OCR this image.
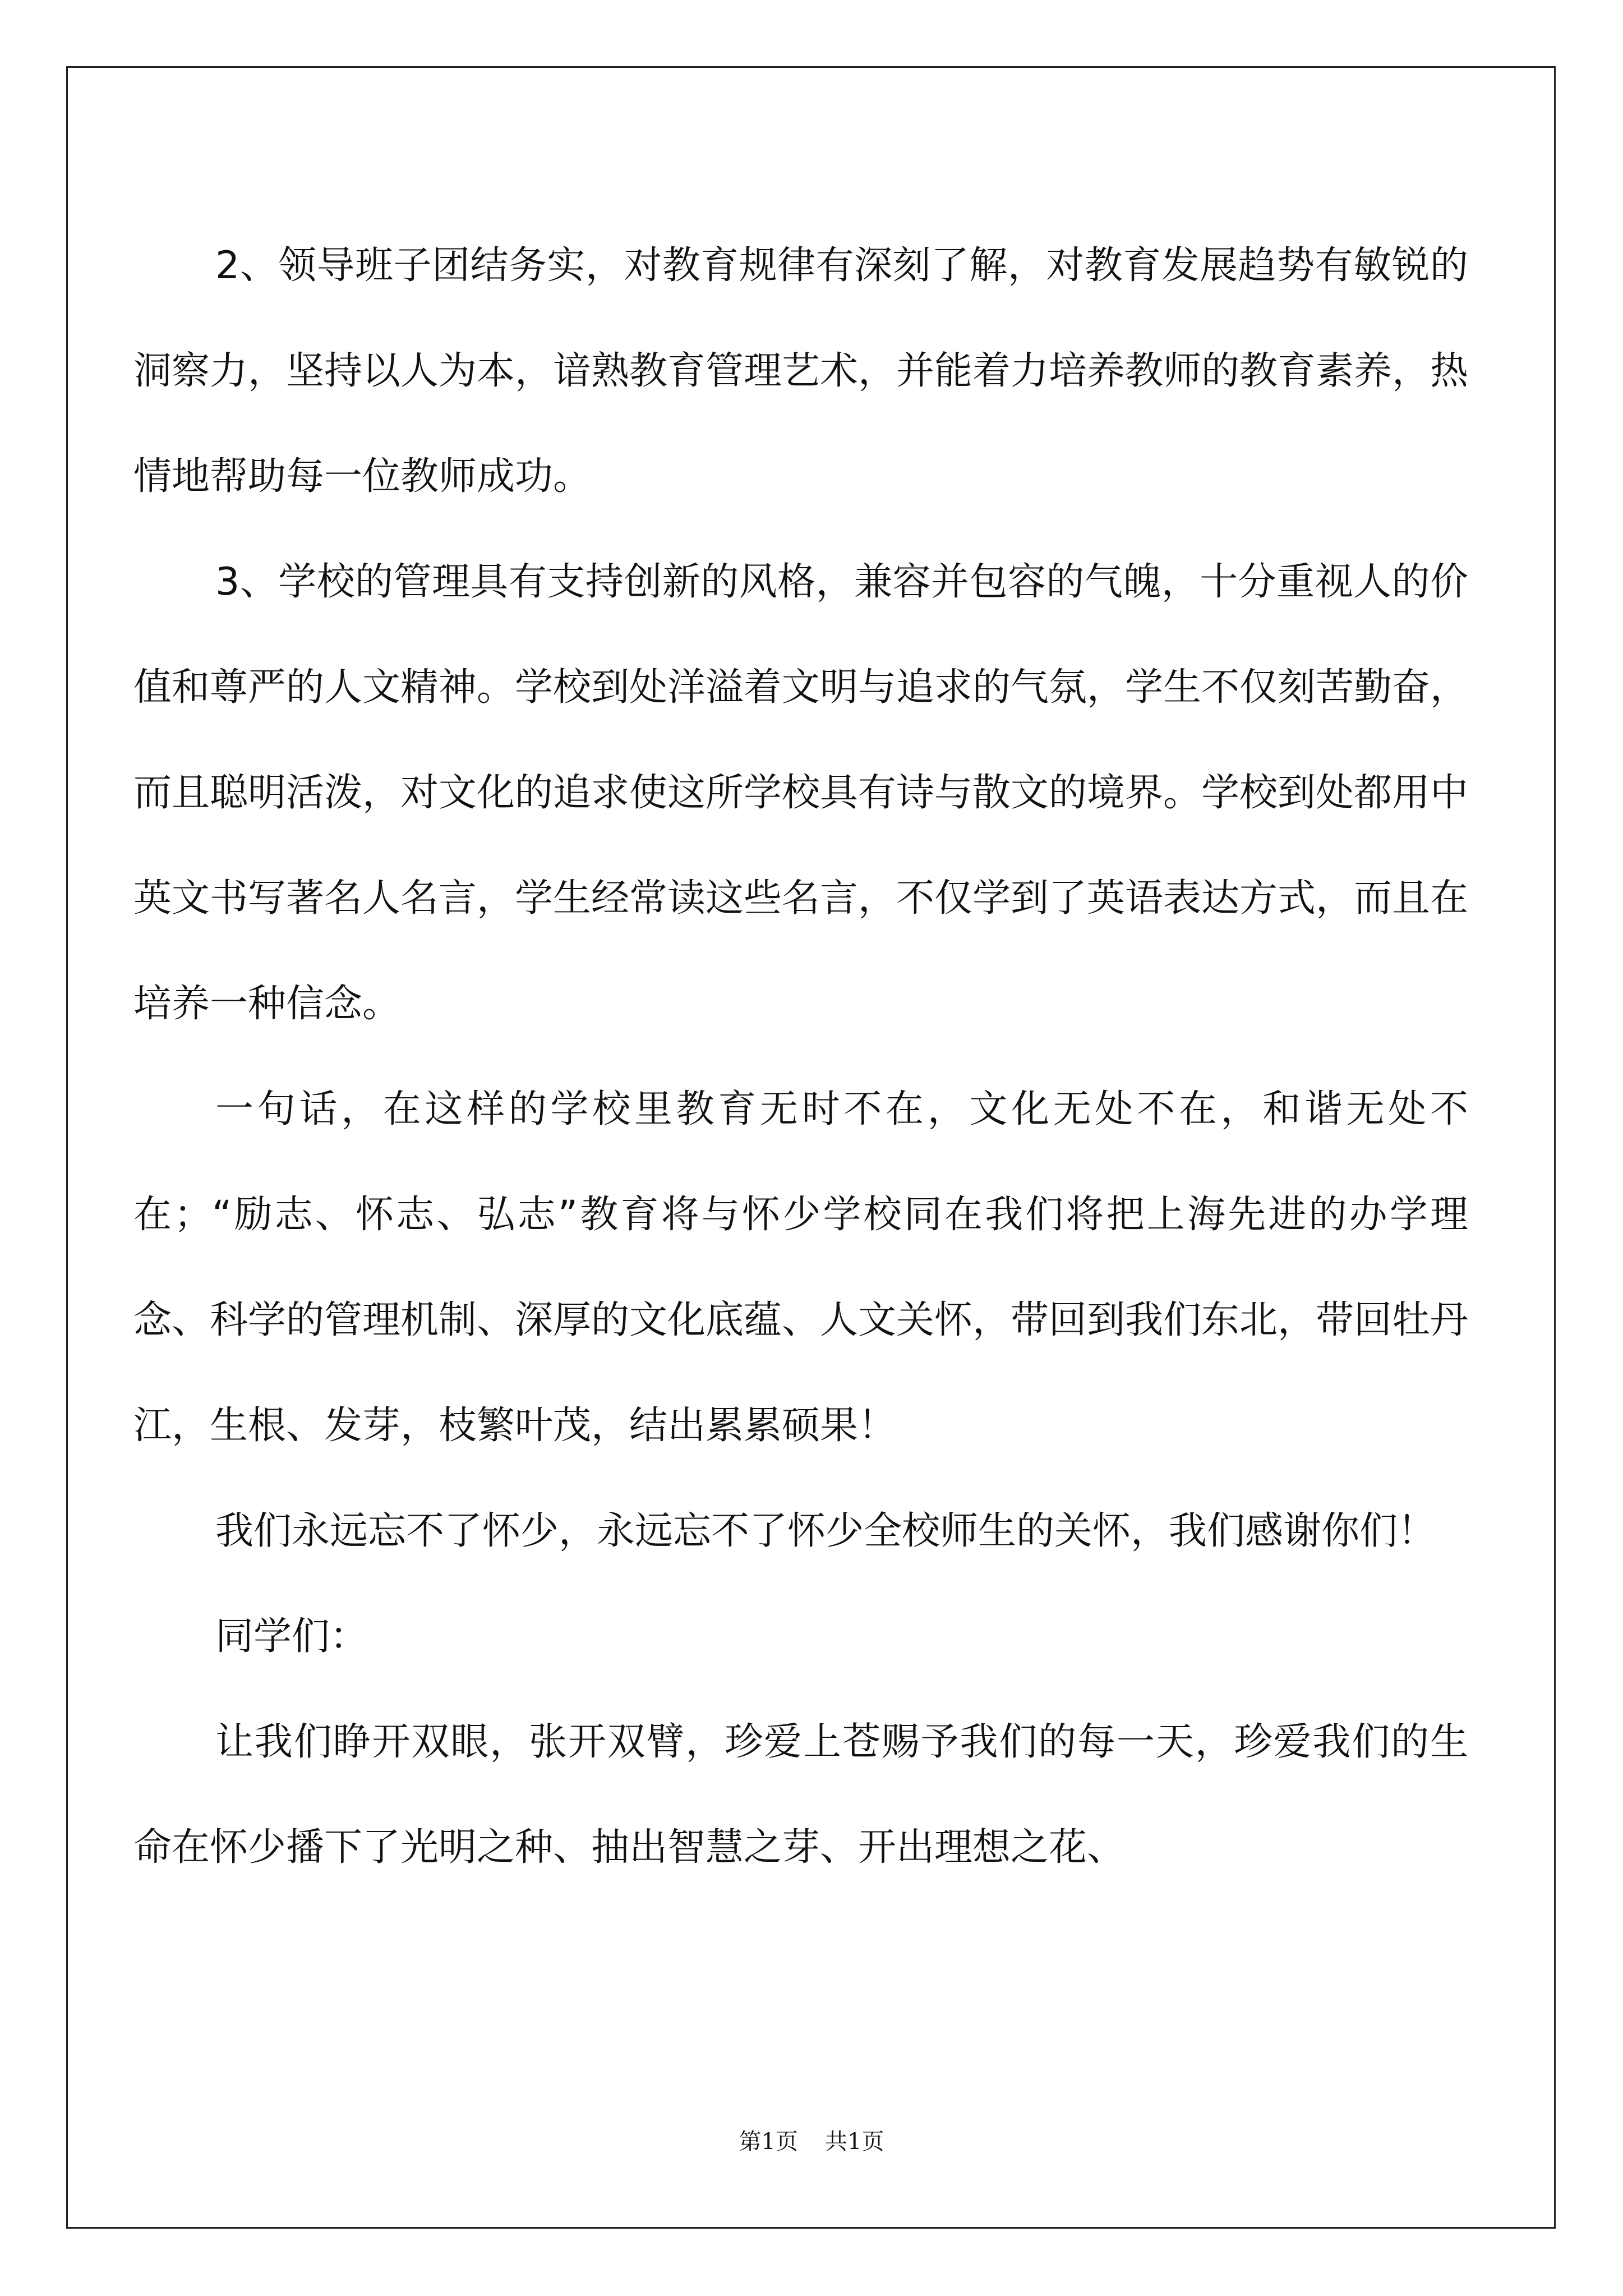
2、领导班子团结务实，对教育规律有深刻了解，对教育发展趋势有敏锐的洞察力，坚持以人为本，谙熟教育管理艺术，并能着力培养教师的教育素养，热情地帮助每一位教师成功。

3、学校的管理具有支持创新的风格，兼容并包容的气魄，十分重视人的价值和尊严的人文精神。学校到处洋溢着文明与追求的气氛，学生不仅刻苦勤奋，而且聪明活泼，对文化的追求使这所学校具有诗与散文的境界。学校到处都用中英文书写著名人名言，学生经常读这些名言，不仅学到了英语表达方式，而且在培养一种信念。

一句话，在这样的学校里教育无时不在，文化无处不在，和谐无处不在；“励志、怀志、弘志”教育将与怀少学校同在我们将把上海先进的办学理念、科学的管理机制、深厚的文化底蕴、人文关怀，带回到我们东北，带回牡丹江，生根、发芽，枝繁叶茂，结出累累硕果！

我们永远忘不了怀少，永远忘不了怀少全校师生的关怀，我们感谢你们！

同学们：

让我们睁开双眼，张开双臂，珍爱上苍赐予我们的每一天，珍爱我们的生命在怀少播下了光明之种、抽出智慧之芽、开出理想之花、

第1页 共1页
